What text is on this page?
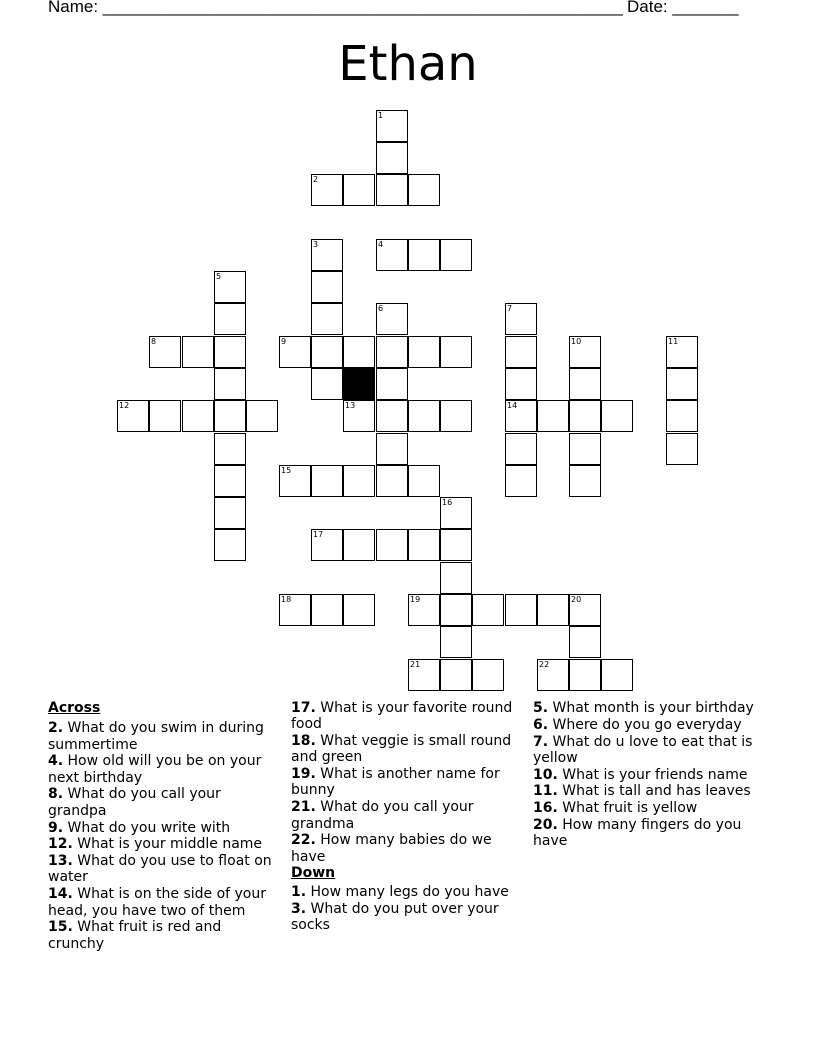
Name: _______________________________________________________ Date: _______
Ethan
1
2
3	4
5
6	7
8	9	10	11
12	13	14
15
16
17
18	19	20
21	22
Across
2. What do you swim in during summertime
4. How old will you be on your next birthday
8. What do you call your grandpa
9. What do you write with
12. What is your middle name
13. What do you use to float on water
14. What is on the side of your head, you have two of them
15. What fruit is red and crunchy
17. What is your favorite round food
18. What veggie is small round and green
19. What is another name for bunny
21. What do you call your grandma
22. How many babies do we have
Down
1. How many legs do you have
3. What do you put over your socks
5. What month is your birthday
6. Where do you go everyday
7. What do u love to eat that is yellow
10. What is your friends name
11. What is tall and has leaves
16. What fruit is yellow
20. How many fingers do you have
